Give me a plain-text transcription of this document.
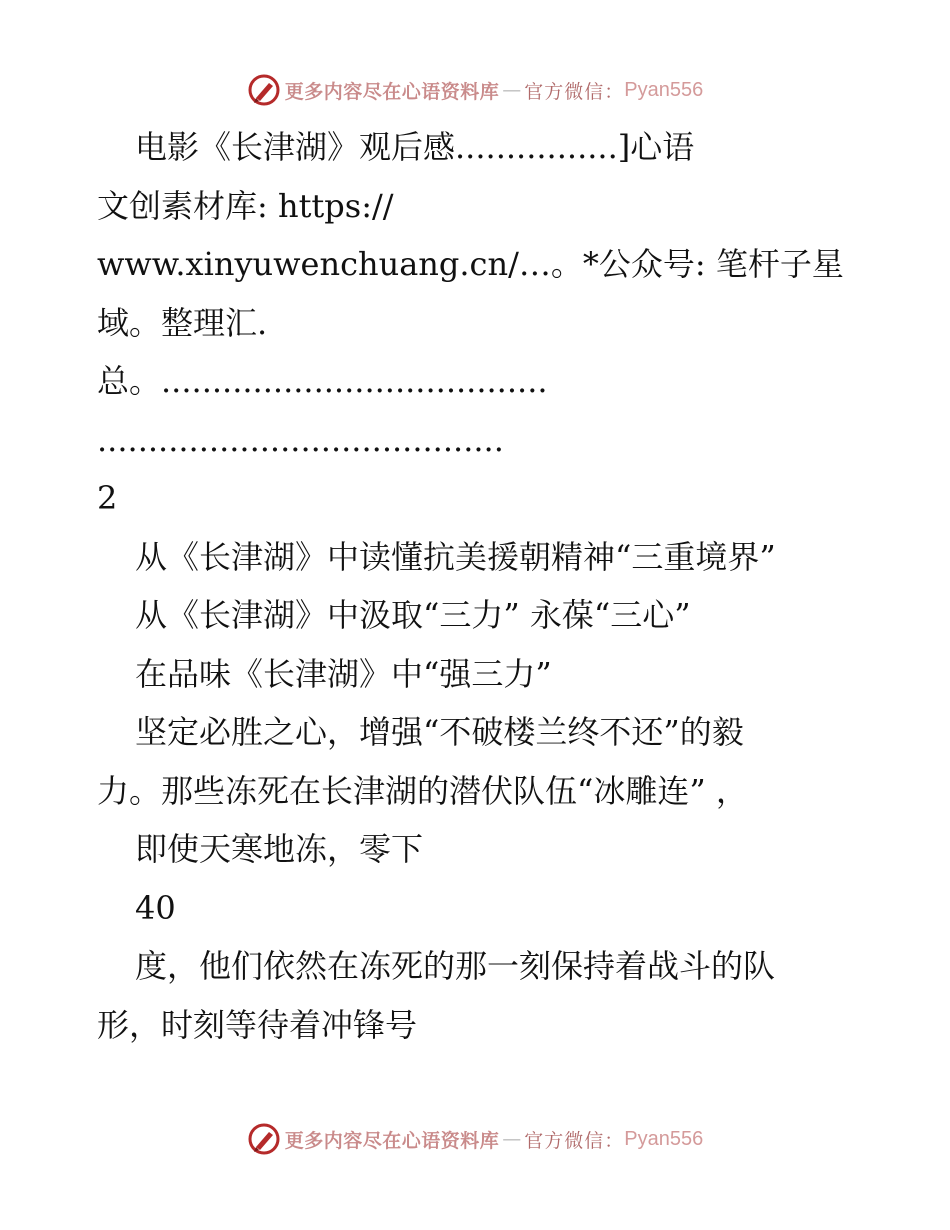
更多内容尽在心语资料库 — 官方微信： Pyan556
电影《长津湖》观后感................]心语
文创素材库: https://
www.xinyuwenchuang.cn/…。*公众号: 笔杆子星
域。整理汇.
总。......................................
........................................
2
从《长津湖》中读懂抗美援朝精神“三重境界”
从《长津湖》中汲取“三力” 永葆“三心”
在品味《长津湖》中“强三力”
坚定必胜之心，增强“不破楼兰终不还”的毅
力。那些冻死在长津湖的潜伏队伍“冰雕连” ，
即使天寒地冻，零下
40
度，他们依然在冻死的那一刻保持着战斗的队
形，时刻等待着冲锋号
更多内容尽在心语资料库 — 官方微信： Pyan556
